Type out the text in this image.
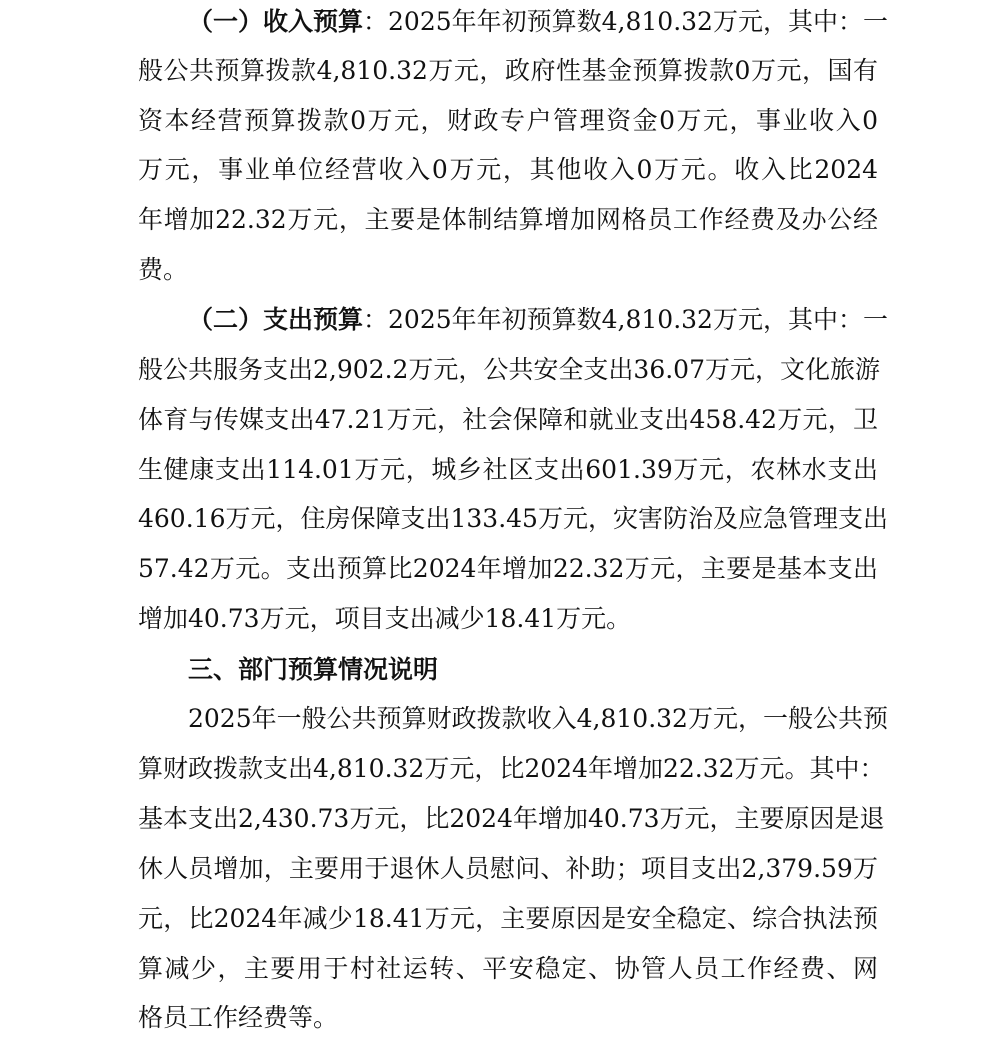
（一）收入预算：2025年年初预算数4,810.32万元，其中：一
般公共预算拨款4,810.32万元，政府性基金预算拨款0万元，国有
资本经营预算拨款0万元，财政专户管理资金0万元，事业收入0
万元，事业单位经营收入0万元，其他收入0万元。收入比2024
年增加22.32万元，主要是体制结算增加网格员工作经费及办公经
费。
（二）支出预算：2025年年初预算数4,810.32万元，其中：一
般公共服务支出2,902.2万元，公共安全支出36.07万元，文化旅游
体育与传媒支出47.21万元，社会保障和就业支出458.42万元，卫
生健康支出114.01万元，城乡社区支出601.39万元，农林水支出
460.16万元，住房保障支出133.45万元，灾害防治及应急管理支出
57.42万元。支出预算比2024年增加22.32万元，主要是基本支出
增加40.73万元，项目支出减少18.41万元。
三、部门预算情况说明
2025年一般公共预算财政拨款收入4,810.32万元，一般公共预
算财政拨款支出4,810.32万元，比2024年增加22.32万元。其中：
基本支出2,430.73万元，比2024年增加40.73万元，主要原因是退
休人员增加，主要用于退休人员慰问、补助；项目支出2,379.59万
元，比2024年减少18.41万元，主要原因是安全稳定、综合执法预
算减少，主要用于村社运转、平安稳定、协管人员工作经费、网
格员工作经费等。
